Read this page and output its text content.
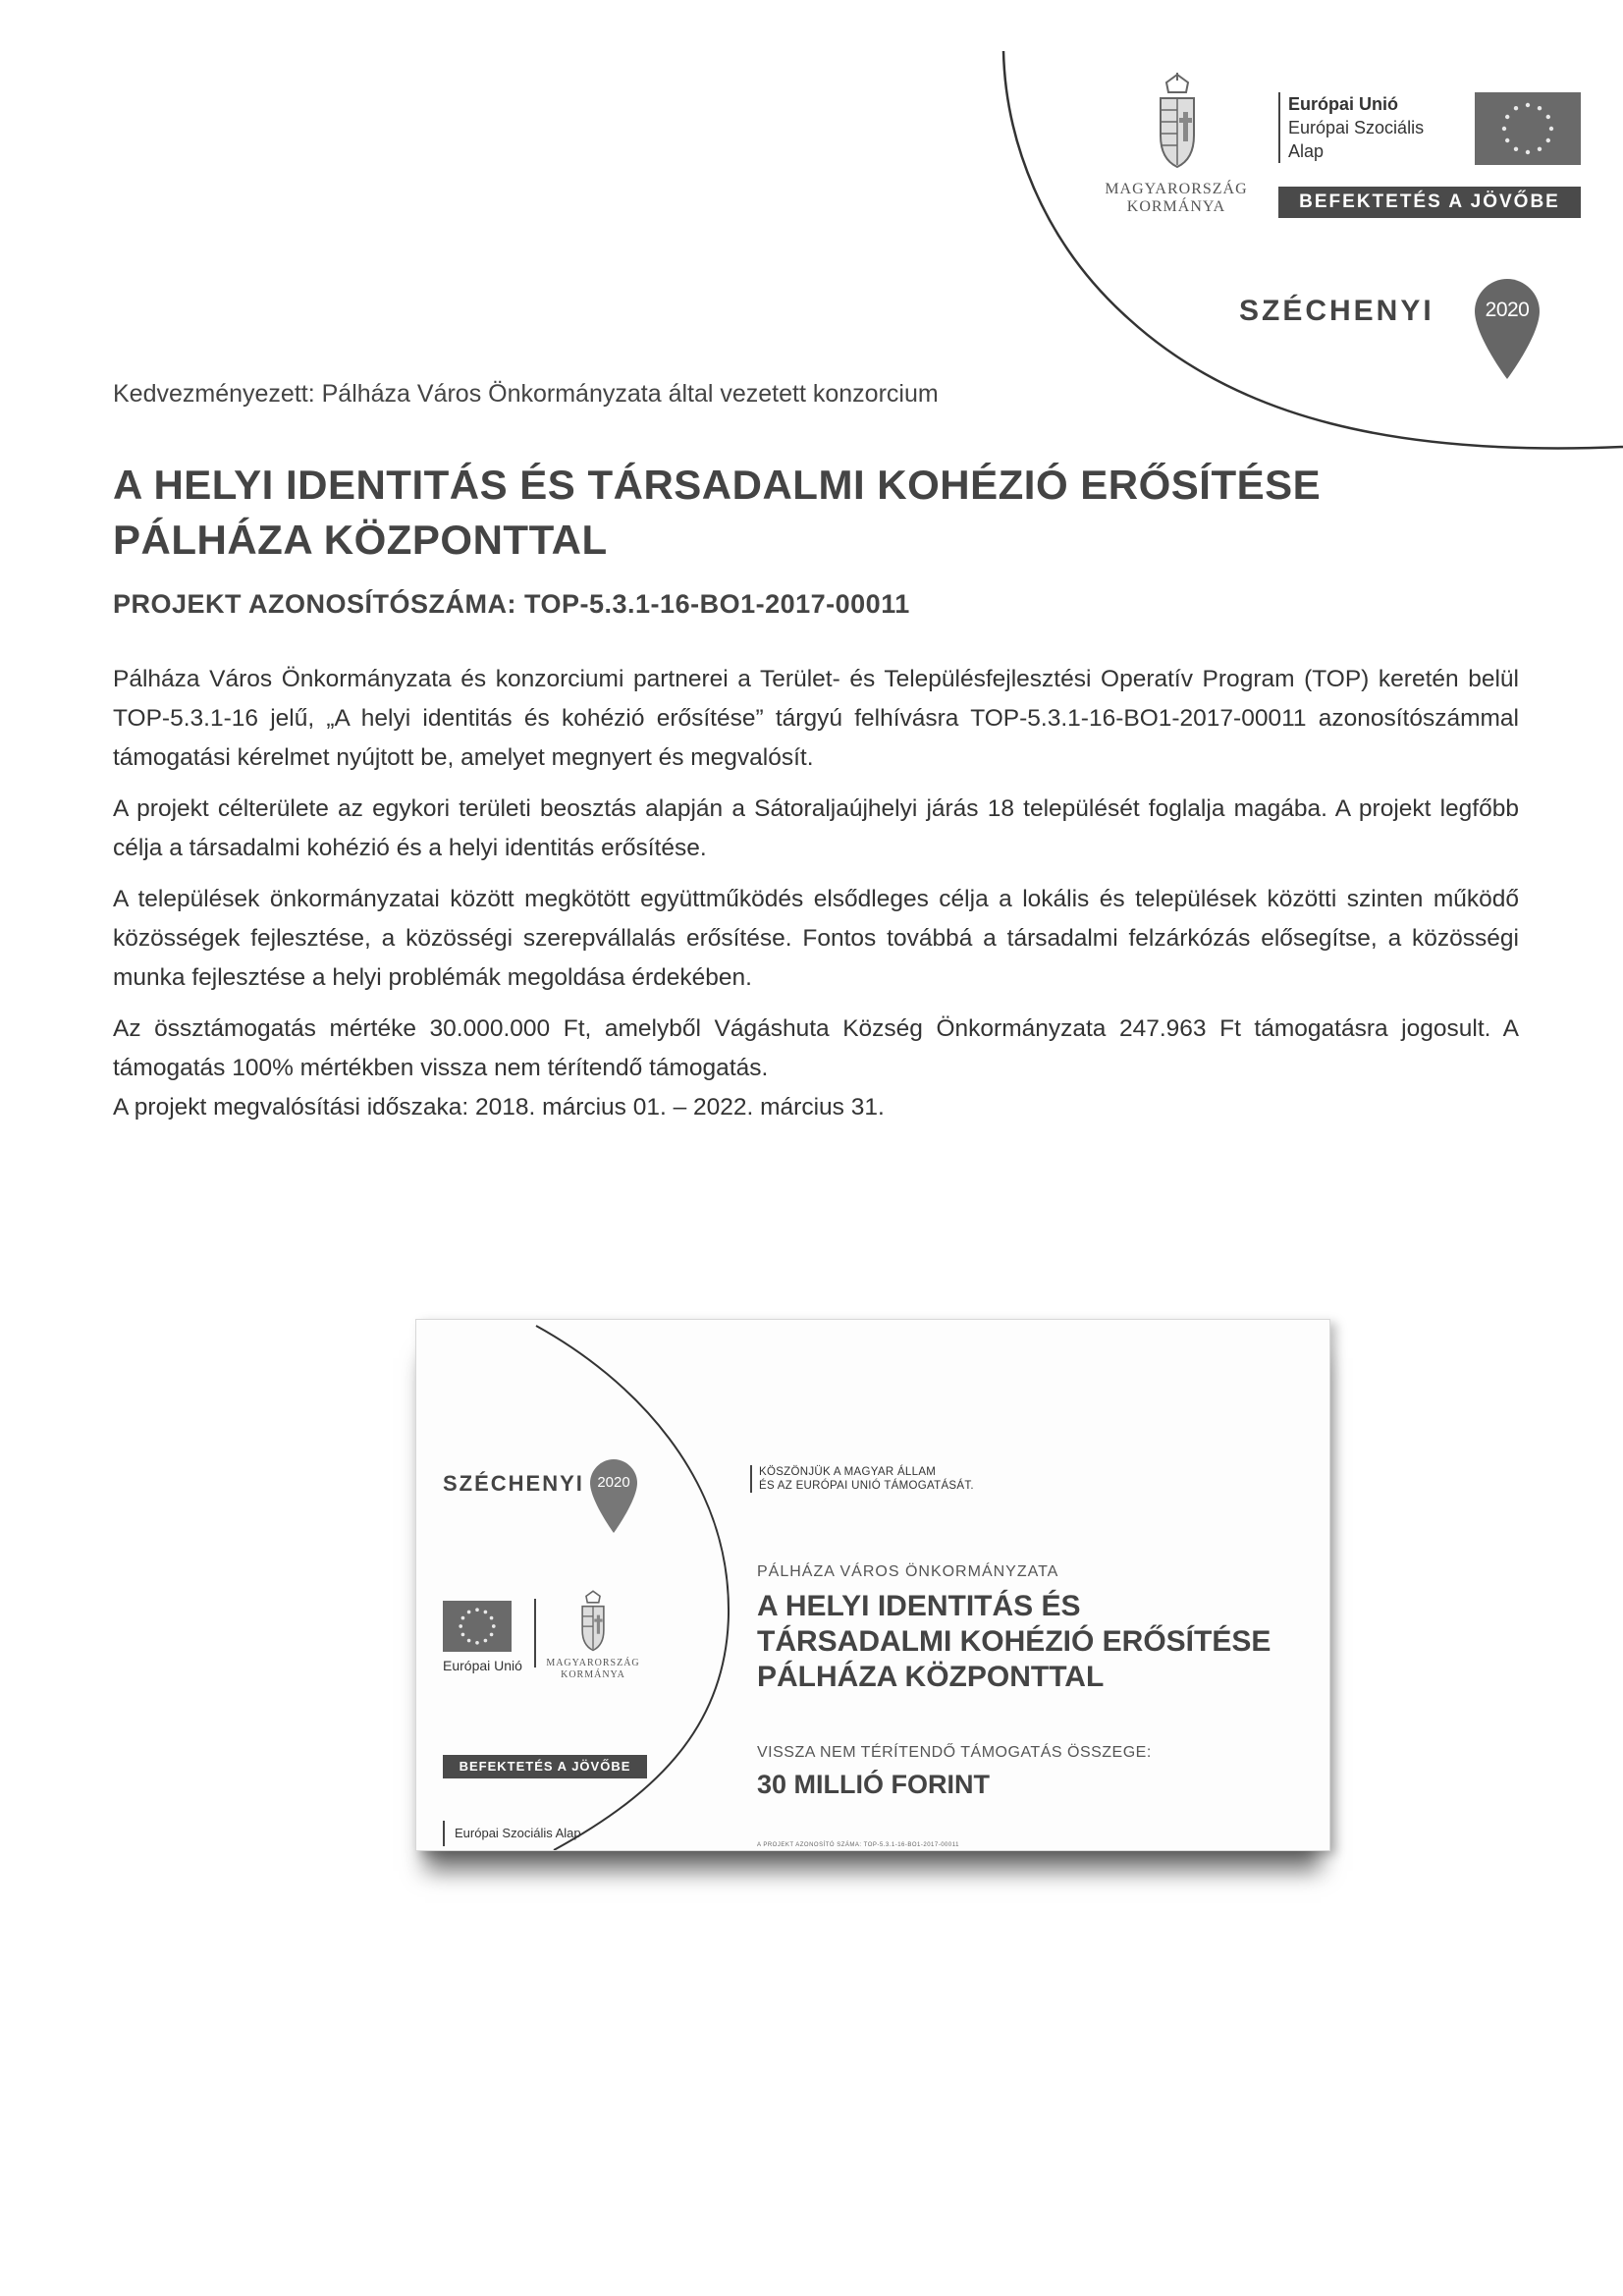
MAGYARORSZÁG
KORMÁNYA
Európai Unió
Európai Szociális
Alap
BEFEKTETÉS A JÖVŐBE
SZÉCHENYI	2020
Kedvezményezett: Pálháza Város Önkormányzata által vezetett konzorcium
A HELYI IDENTITÁS ÉS TÁRSADALMI KOHÉZIÓ ERŐSÍTÉSE
PÁLHÁZA KÖZPONTTAL
PROJEKT AZONOSÍTÓSZÁMA: TOP-5.3.1-16-BO1-2017-00011

Pálháza Város Önkormányzata és konzorciumi partnerei a Terület- és Településfejlesztési Operatív Program (TOP) keretén belül TOP-5.3.1-16 jelű, „A helyi identitás és kohézió erősítése” tárgyú felhívásra TOP-5.3.1-16-BO1-2017-00011 azonosítószámmal támogatási kérelmet nyújtott be, amelyet megnyert és megvalósít.

A projekt célterülete az egykori területi beosztás alapján a Sátoraljaújhelyi járás 18 települését foglalja magába. A projekt legfőbb célja a társadalmi kohézió és a helyi identitás erősítése.

A települések önkormányzatai között megkötött együttműködés elsődleges célja a lokális és települések közötti szinten működő közösségek fejlesztése, a közösségi szerepvállalás erősítése. Fontos továbbá a társadalmi felzárkózás elősegítse, a közösségi munka fejlesztése a helyi problémák megoldása érdekében.

Az össztámogatás mértéke 30.000.000 Ft, amelyből Vágáshuta Község Önkormányzata 247.963 Ft támogatásra jogosult. A támogatás 100% mértékben vissza nem térítendő támogatás.

A projekt megvalósítási időszaka: 2018. március 01. – 2022. március 31.

SZÉCHENYI 2020
Európai Unió MAGYARORSZÁG
KORMÁNYA
BEFEKTETÉS A JÖVŐBE
Európai Szociális Alap
KÖSZÖNJÜK A MAGYAR ÁLLAM
ÉS AZ EURÓPAI UNIÓ TÁMOGATÁSÁT.
PÁLHÁZA VÁROS ÖNKORMÁNYZATA
A HELYI IDENTITÁS ÉS
TÁRSADALMI KOHÉZIÓ ERŐSÍTÉSE
PÁLHÁZA KÖZPONTTAL
VISSZA NEM TÉRÍTENDŐ TÁMOGATÁS ÖSSZEGE:
30 MILLIÓ FORINT
A PROJEKT AZONOSÍTÓ SZÁMA: TOP-5.3.1-16-BO1-2017-00011
